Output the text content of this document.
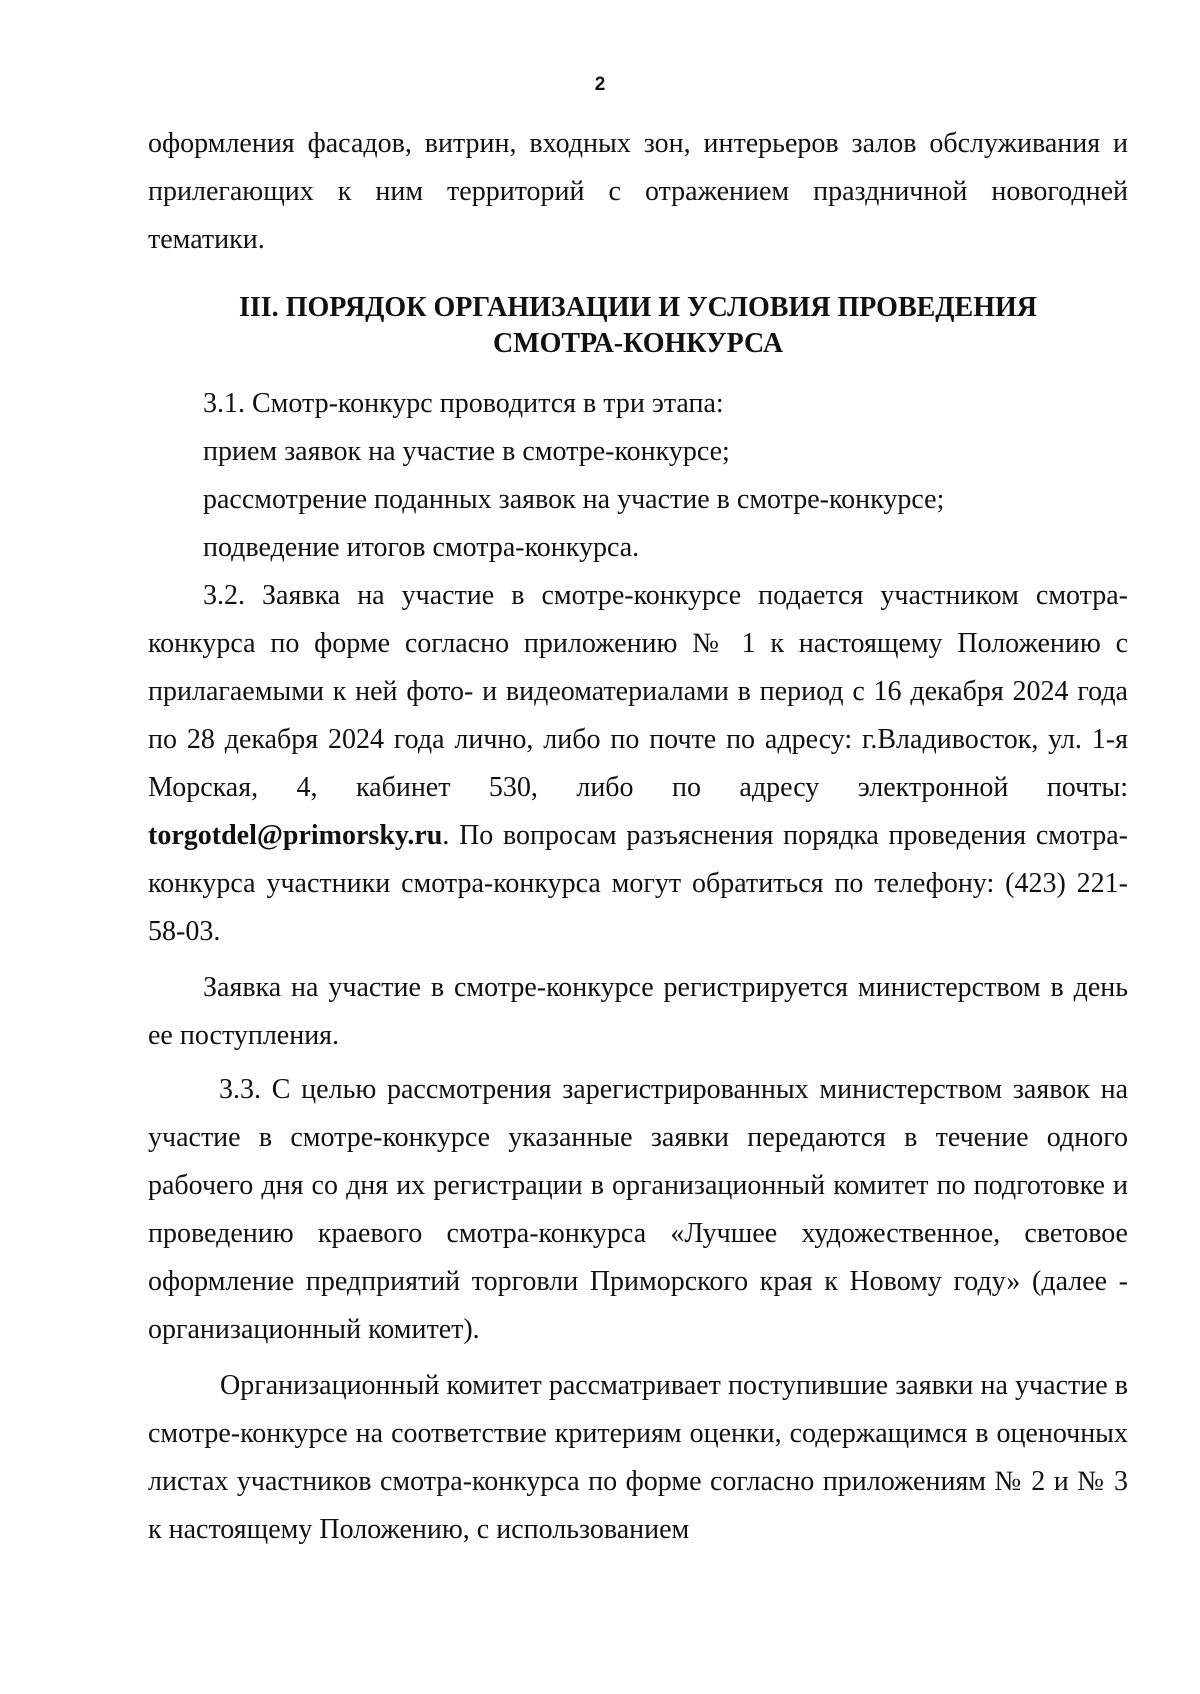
2

оформления фасадов, витрин, входных зон, интерьеров залов обслуживания и прилегающих к ним территорий с отражением праздничной новогодней тематики.

III. ПОРЯДОК ОРГАНИЗАЦИИ И УСЛОВИЯ ПРОВЕДЕНИЯ
СМОТРА-КОНКУРСА

3.1. Смотр-конкурс проводится в три этапа:

прием заявок на участие в смотре-конкурсе;

рассмотрение поданных заявок на участие в смотре-конкурсе;

подведение итогов смотра-конкурса.

3.2. Заявка на участие в смотре-конкурсе подается участником смотра-конкурса по форме согласно приложению № 1 к настоящему Положению с прилагаемыми к ней фото- и видеоматериалами в период с 16 декабря 2024 года по 28 декабря 2024 года лично, либо по почте по адресу: г.Владивосток, ул. 1-я Морская, 4, кабинет 530, либо по адресу электронной почты: torgotdel@primorsky.ru. По вопросам разъяснения порядка проведения смотра-конкурса участники смотра-конкурса могут обратиться по телефону: (423) 221-58-03.

Заявка на участие в смотре-конкурсе регистрируется министерством в день ее поступления.

3.3. С целью рассмотрения зарегистрированных министерством заявок на участие в смотре-конкурсе указанные заявки передаются в течение одного рабочего дня со дня их регистрации в организационный комитет по подготовке и проведению краевого смотра-конкурса «Лучшее художественное, световое оформление предприятий торговли Приморского края к Новому году» (далее - организационный комитет).

Организационный комитет рассматривает поступившие заявки на участие в смотре-конкурсе на соответствие критериям оценки, содержащимся в оценочных листах участников смотра-конкурса по форме согласно приложениям № 2 и № 3 к настоящему Положению, с использованием
